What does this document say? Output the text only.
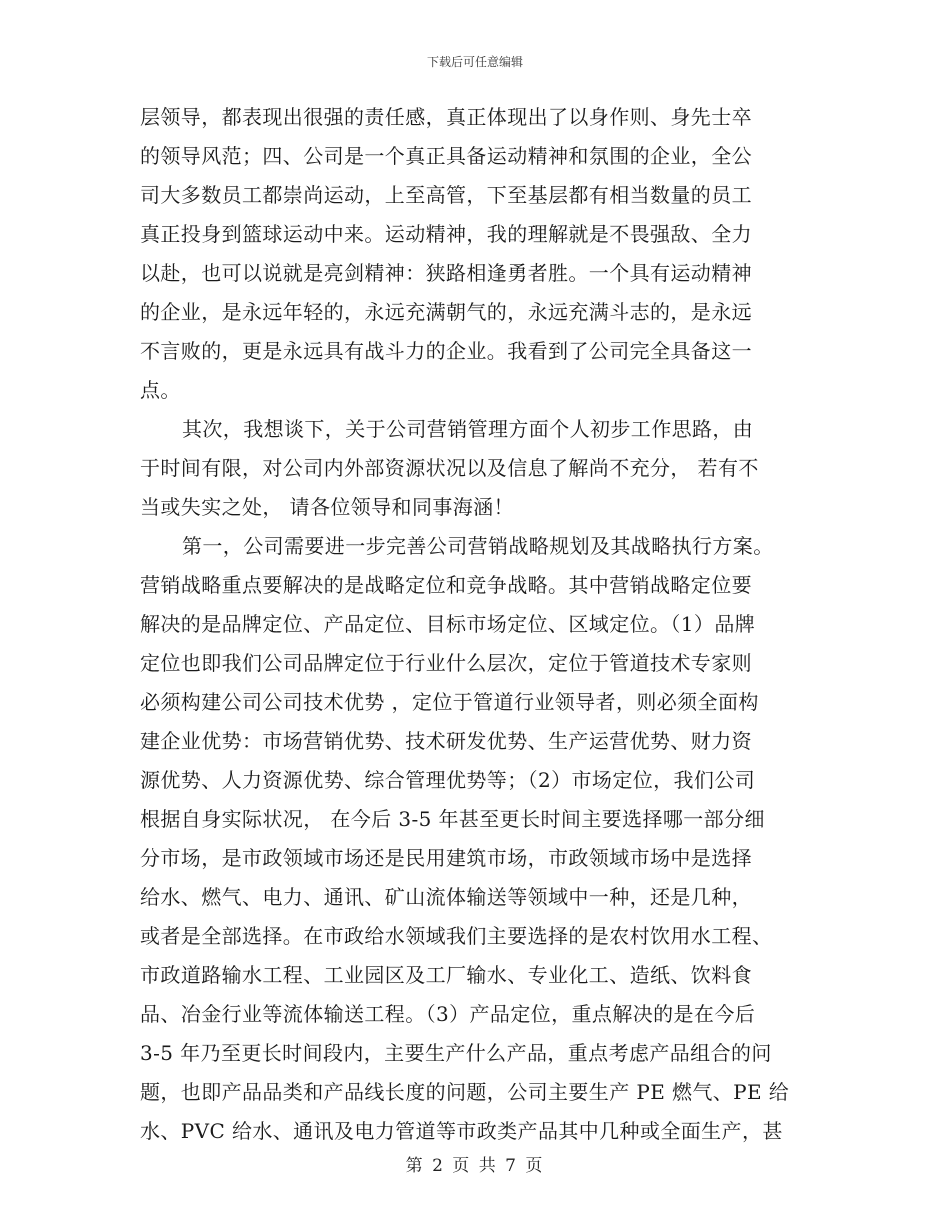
下载后可任意编辑
层领导，都表现出很强的责任感，真正体现出了以身作则、身先士卒
的领导风范；四、公司是一个真正具备运动精神和氛围的企业，全公
司大多数员工都崇尚运动，上至高管，下至基层都有相当数量的员工
真正投身到篮球运动中来。运动精神，我的理解就是不畏强敌、全力
以赴，也可以说就是亮剑精神：狭路相逢勇者胜。一个具有运动精神
的企业，是永远年轻的，永远充满朝气的，永远充满斗志的，是永远
不言败的，更是永远具有战斗力的企业。我看到了公司完全具备这一
点。
其次，我想谈下，关于公司营销管理方面个人初步工作思路，由
于时间有限，对公司内外部资源状况以及信息了解尚不充分， 若有不
当或失实之处， 请各位领导和同事海涵！
第一，公司需要进一步完善公司营销战略规划及其战略执行方案。
营销战略重点要解决的是战略定位和竞争战略。其中营销战略定位要
解决的是品牌定位、产品定位、目标市场定位、区域定位。（1）品牌
定位也即我们公司品牌定位于行业什么层次，定位于管道技术专家则
必须构建公司公司技术优势 ，定位于管道行业领导者，则必须全面构
建企业优势：市场营销优势、技术研发优势、生产运营优势、财力资
源优势、人力资源优势、综合管理优势等；（2）市场定位，我们公司
根据自身实际状况， 在今后 3-5 年甚至更长时间主要选择哪一部分细
分市场，是市政领域市场还是民用建筑市场，市政领域市场中是选择
给水、燃气、电力、通讯、矿山流体输送等领域中一种，还是几种，
或者是全部选择。在市政给水领域我们主要选择的是农村饮用水工程、
市政道路输水工程、工业园区及工厂输水、专业化工、造纸、饮料食
品、冶金行业等流体输送工程。（3）产品定位，重点解决的是在今后
3-5 年乃至更长时间段内，主要生产什么产品，重点考虑产品组合的问
题，也即产品品类和产品线长度的问题，公司主要生产 PE 燃气、PE 给
水、PVC 给水、通讯及电力管道等市政类产品其中几种或全面生产，甚
第 2 页 共 7 页
